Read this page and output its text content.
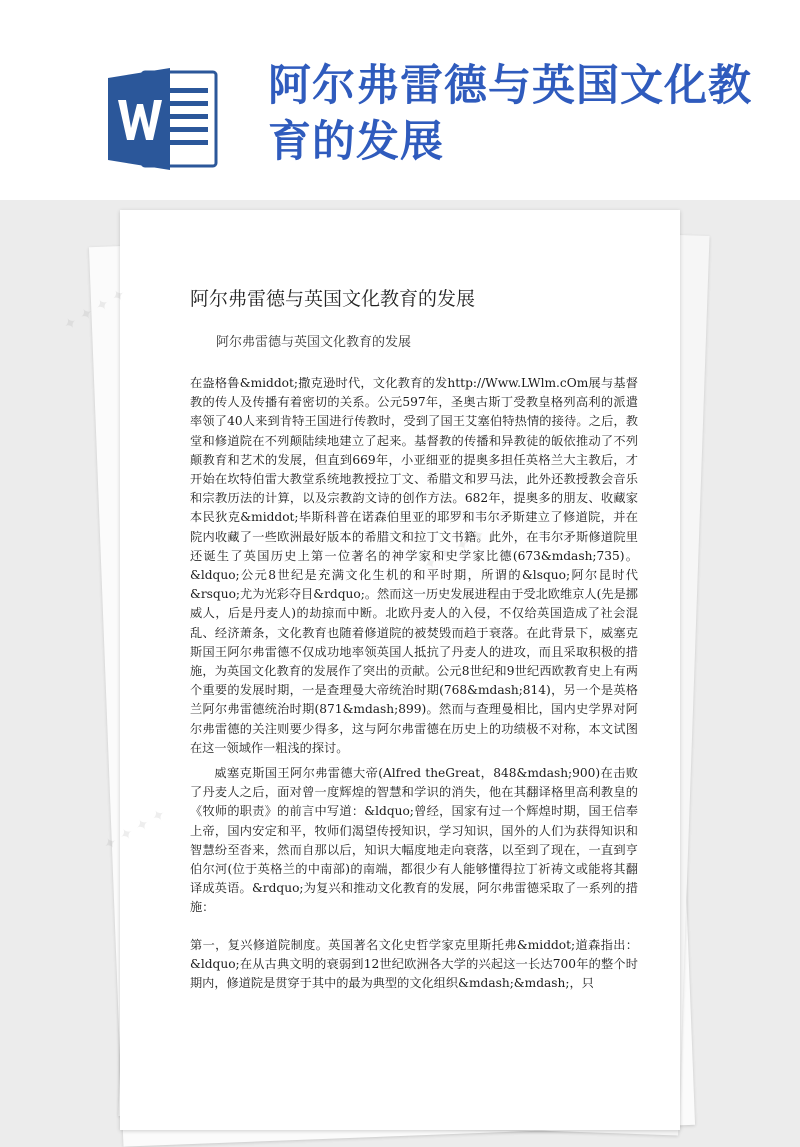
阿尔弗雷德与英国文化教育的发展
阿尔弗雷德与英国文化教育的发展
阿尔弗雷德与英国文化教育的发展

在盎格鲁&middot;撒克逊时代，文化教育的发http://Www.LWlm.cOm展与基督教的传人及传播有着密切的关系。公元597年，圣奥古斯丁受教皇格列高利的派遣率领了40人来到肯特王国进行传教时，受到了国王艾塞伯特热情的接待。之后，教堂和修道院在不列颠陆续地建立了起来。基督教的传播和异教徒的皈依推动了不列颠教育和艺术的发展，但直到669年，小亚细亚的提奥多担任英格兰大主教后，才开始在坎特伯雷大教堂系统地教授拉丁文、希腊文和罗马法，此外还教授教会音乐和宗教历法的计算，以及宗教韵文诗的创作方法。682年，提奥多的朋友、收藏家本民狄克&middot;毕斯科普在诺森伯里亚的耶罗和韦尔矛斯建立了修道院，并在院内收藏了一些欧洲最好版本的希腊文和拉丁文书籍。此外，在韦尔矛斯修道院里还诞生了英国历史上第一位著名的神学家和史学家比德(673&mdash;735)。&ldquo;公元8世纪是充满文化生机的和平时期，所谓的&lsquo;阿尔昆时代&rsquo;尤为光彩夺目&rdquo;。然而这一历史发展进程由于受北欧维京人(先是挪威人，后是丹麦人)的劫掠而中断。北欧丹麦人的入侵，不仅给英国造成了社会混乱、经济萧条，文化教育也随着修道院的被焚毁而趋于衰落。在此背景下，威塞克斯国王阿尔弗雷德不仅成功地率领英国人抵抗了丹麦人的进攻，而且采取积极的措施，为英国文化教育的发展作了突出的贡献。公元8世纪和9世纪西欧教育史上有两个重要的发展时期，一是查理曼大帝统治时期(768&mdash;814)，另一个是英格兰阿尔弗雷德统治时期(871&mdash;899)。然而与查理曼相比，国内史学界对阿尔弗雷德的关注则要少得多，这与阿尔弗雷德在历史上的功绩极不对称，本文试图在这一领域作一粗浅的探讨。

威塞克斯国王阿尔弗雷德大帝(Alfred theGreat，848&mdash;900)在击败了丹麦人之后，面对曾一度辉煌的智慧和学识的消失，他在其翻译格里高利教皇的《牧师的职责》的前言中写道：&ldquo;曾经，国家有过一个辉煌时期，国王信奉上帝，国内安定和平，牧师们渴望传授知识，学习知识，国外的人们为获得知识和智慧纷至沓来，然而自那以后，知识大幅度地走向衰落，以至到了现在，一直到亨伯尔河(位于英格兰的中南部)的南端，都很少有人能够懂得拉丁祈祷文或能将其翻译成英语。&rdquo;为复兴和推动文化教育的发展，阿尔弗雷德采取了一系列的措施：

第一，复兴修道院制度。英国著名文化史哲学家克里斯托弗&middot;道森指出：&ldquo;在从古典文明的衰弱到12世纪欧洲各大学的兴起这一长达700年的整个时期内，修道院是贯穿于其中的最为典型的文化组织&mdash;&mdash;，只

✦ ✦
✦
